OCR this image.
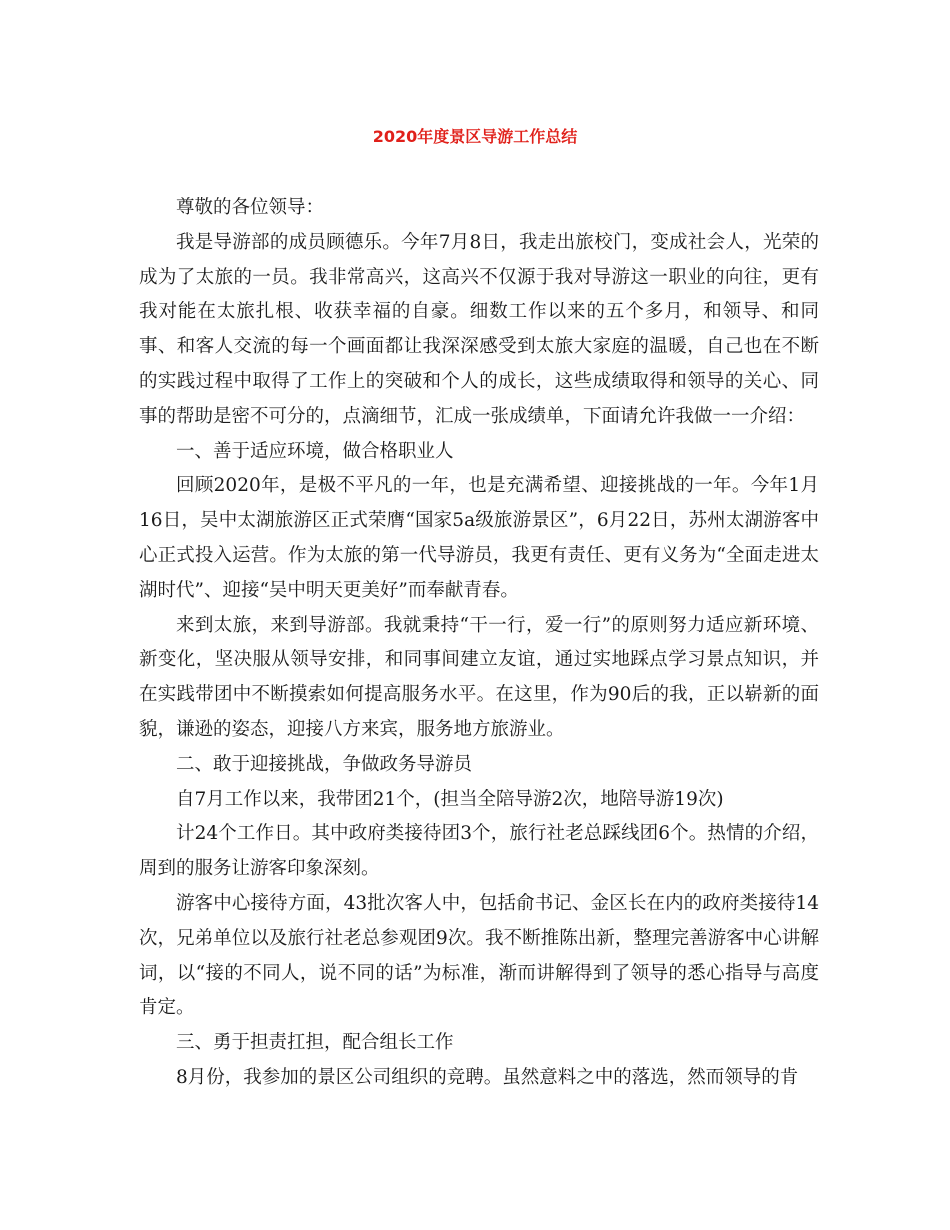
2020年度景区导游工作总结

尊敬的各位领导：

我是导游部的成员顾德乐。今年7月8日，我走出旅校门，变成社会人，光荣的成为了太旅的一员。我非常高兴，这高兴不仅源于我对导游这一职业的向往，更有我对能在太旅扎根、收获幸福的自豪。细数工作以来的五个多月，和领导、和同事、和客人交流的每一个画面都让我深深感受到太旅大家庭的温暖，自己也在不断的实践过程中取得了工作上的突破和个人的成长，这些成绩取得和领导的关心、同事的帮助是密不可分的，点滴细节，汇成一张成绩单，下面请允许我做一一介绍：

一、善于适应环境，做合格职业人

回顾2020年，是极不平凡的一年，也是充满希望、迎接挑战的一年。今年1月16日，吴中太湖旅游区正式荣膺“国家5a级旅游景区”，6月22日，苏州太湖游客中心正式投入运营。作为太旅的第一代导游员，我更有责任、更有义务为“全面走进太湖时代”、迎接“吴中明天更美好”而奉献青春。

来到太旅，来到导游部。我就秉持“干一行，爱一行”的原则努力适应新环境、新变化，坚决服从领导安排，和同事间建立友谊，通过实地踩点学习景点知识，并在实践带团中不断摸索如何提高服务水平。在这里，作为90后的我，正以崭新的面貌，谦逊的姿态，迎接八方来宾，服务地方旅游业。

二、敢于迎接挑战，争做政务导游员

自7月工作以来，我带团21个，(担当全陪导游2次，地陪导游19次)

计24个工作日。其中政府类接待团3个，旅行社老总踩线团6个。热情的介绍，周到的服务让游客印象深刻。

游客中心接待方面，43批次客人中，包括俞书记、金区长在内的政府类接待14次，兄弟单位以及旅行社老总参观团9次。我不断推陈出新，整理完善游客中心讲解词，以“接的不同人，说不同的话”为标准，渐而讲解得到了领导的悉心指导与高度肯定。

三、勇于担责扛担，配合组长工作

8月份，我参加的景区公司组织的竞聘。虽然意料之中的落选，然而领导的肯
